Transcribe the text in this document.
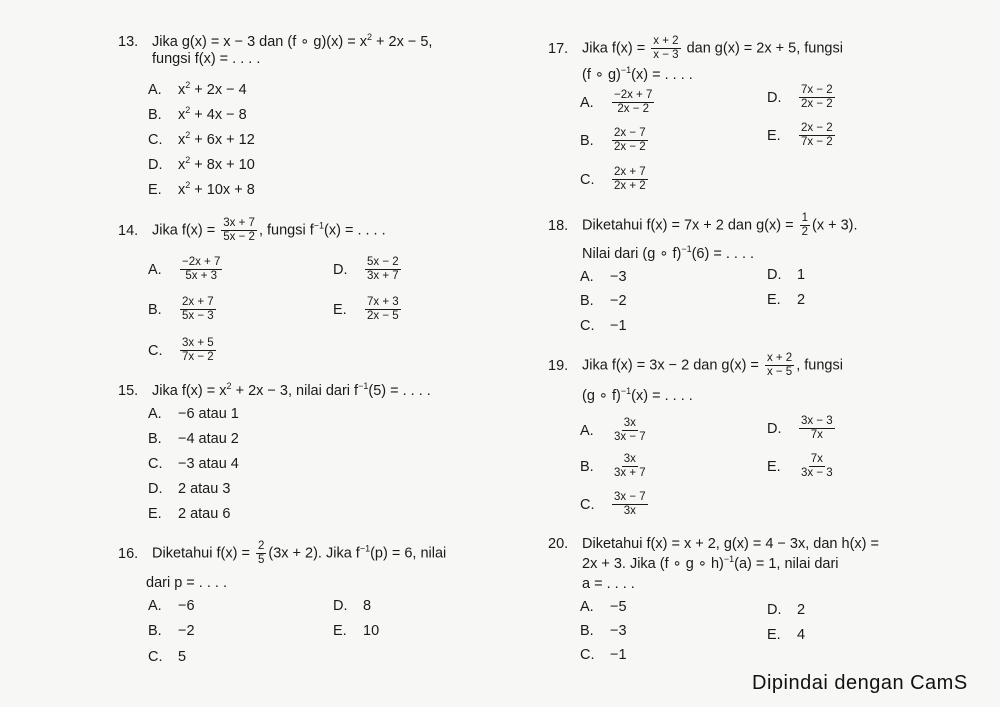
13. Jika g(x) = x − 3 dan (f ∘ $g)(x) = x^2 + 2x - 5$,
fungsi f(x) = . . . .
A. $x^2 + 2x - 4$
B. $x^2 + 4x - 8$
C. $x^2 + 6x + 12$
D. $x^2 + 8x + 10$
E. $x^2 + 10x + 8$
14. Jika $f(x) = \frac{3x + 7}{5x - 2}$ , fungsi $f^{-1}(x)$ = . . . .
A. $\frac{-2x + 7}{5x + 3}$	D. $\frac{5x - 2}{3x + 7}$
B. $\frac{2x + 7}{5x - 3}$	E. $\frac{7x + 3}{2x - 5}$
C. $\frac{3x + 5}{7x - 2}$
15. Jika $f(x) = x^2 + 2x - 3$, nilai dari $f^{-1}(5)$ = . . . .
A. −6 atau 1
B. −4 atau 2
C. −3 atau 4
D. 2 atau 3
E. 2 atau 6
16. Diketahui $f(x) = \frac{2}{5} (3x + 2)$. Jika $f^{-1}(p) = 6$, nilai
dari p = . . . .
A. −6	D. 8
B. −2	E. 10
C. 5
17. Jika $f(x) = \frac{x + 2}{x - 3}$ dan g(x) = 2x + 5, fungsi
(f ∘ g)$^{-1}$(x) = . . . .
A. $\frac{-2x + 7}{2x - 2}$	D. $\frac{7x - 2}{2x - 2}$
B. $\frac{2x - 7}{2x - 2}$	E. $\frac{2x - 2}{7x - 2}$
C. $\frac{2x + 7}{2x + 2}$
18. Diketahui f(x) = 7x + 2 dan $g(x) = \frac{1}{2} (x + 3)$.
Nilai dari (g ∘ f)$^{-1}$(6) = . . . .
A. −3	D. 1
B. −2	E. 2
C. −1
19. Jika f(x) = 3x − 2 dan $g(x) = \frac{x + 2}{x - 5}$ , fungsi
(g ∘ f)$^{-1}$(x) = . . . .
A. $\frac{3x}{3x - 7}$	D. $\frac{3x - 3}{7x}$
B. $\frac{3x}{3x + 7}$	E. $\frac{7x}{3x - 3}$
C. $\frac{3x - 7}{3x}$
20. Diketahui f(x) = x + 2, g(x) = 4 − 3x, dan h(x) =
2x + 3. Jika (f ∘ g ∘ h)$^{-1}$(a) = 1, nilai dari
a = . . . .
A. −5	D. 2
B. −3	E. 4
C. −1
Dipindai dengan CamS
